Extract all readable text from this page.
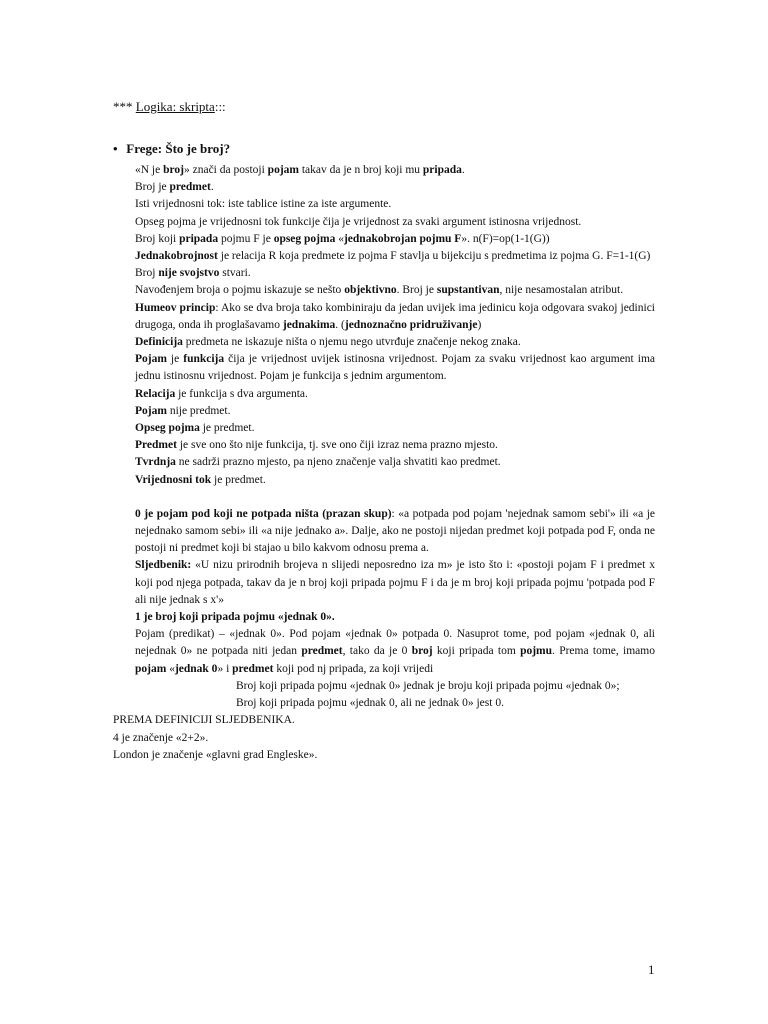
*** Logika: skripta:::
• Frege: Što je broj?

«N je broj» znači da postoji pojam takav da je n broj koji mu pripada.

Broj je predmet.

Isti vrijednosni tok: iste tablice istine za iste argumente.

Opseg pojma je vrijednosni tok funkcije čija je vrijednost za svaki argument istinosna vrijednost.

Broj koji pripada pojmu F je opseg pojma «jednakobrojan pojmu F». n(F)=op(1-1(G))

Jednakobrojnost je relacija R koja predmete iz pojma F stavlja u bijekciju s predmetima iz pojma G. F=1-1(G)

Broj nije svojstvo stvari.

Navođenjem broja o pojmu iskazuje se nešto objektivno. Broj je supstantivan, nije nesamostalan atribut.

Humeov princip: Ako se dva broja tako kombiniraju da jedan uvijek ima jedinicu koja odgovara svakoj jedinici drugoga, onda ih proglašavamo jednakima. (jednoznačno pridruživanje)

Definicija predmeta ne iskazuje ništa o njemu nego utvrđuje značenje nekog znaka.

Pojam je funkcija čija je vrijednost uvijek istinosna vrijednost. Pojam za svaku vrijednost kao argument ima jednu istinosnu vrijednost. Pojam je funkcija s jednim argumentom.

Relacija je funkcija s dva argumenta.

Pojam nije predmet.

Opseg pojma je predmet.

Predmet je sve ono što nije funkcija, tj. sve ono čiji izraz nema prazno mjesto.

Tvrdnja ne sadrži prazno mjesto, pa njeno značenje valja shvatiti kao predmet.

Vrijednosni tok je predmet.

0 je pojam pod koji ne potpada ništa (prazan skup): «a potpada pod pojam 'nejednak samom sebi'» ili «a je nejednako samom sebi» ili «a nije jednako a». Dalje, ako ne postoji nijedan predmet koji potpada pod F, onda ne postoji ni predmet koji bi stajao u bilo kakvom odnosu prema a.

Sljedbenik: «U nizu prirodnih brojeva n slijedi neposredno iza m» je isto što i: «postoji pojam F i predmet x koji pod njega potpada, takav da je n broj koji pripada pojmu F i da je m broj koji pripada pojmu 'potpada pod F ali nije jednak s x'»

1 je broj koji pripada pojmu «jednak 0».

Pojam (predikat) – «jednak 0». Pod pojam «jednak 0» potpada 0. Nasuprot tome, pod pojam «jednak 0, ali nejednak 0» ne potpada niti jedan predmet, tako da je 0 broj koji pripada tom pojmu. Prema tome, imamo pojam «jednak 0» i predmet koji pod nj pripada, za koji vrijedi

Broj koji pripada pojmu «jednak 0» jednak je broju koji pripada pojmu «jednak 0»;

Broj koji pripada pojmu «jednak 0, ali ne jednak 0» jest 0.

PREMA DEFINICIJI SLJEDBENIKA.

4 je značenje «2+2».

London je značenje «glavni grad Engleske».

1
